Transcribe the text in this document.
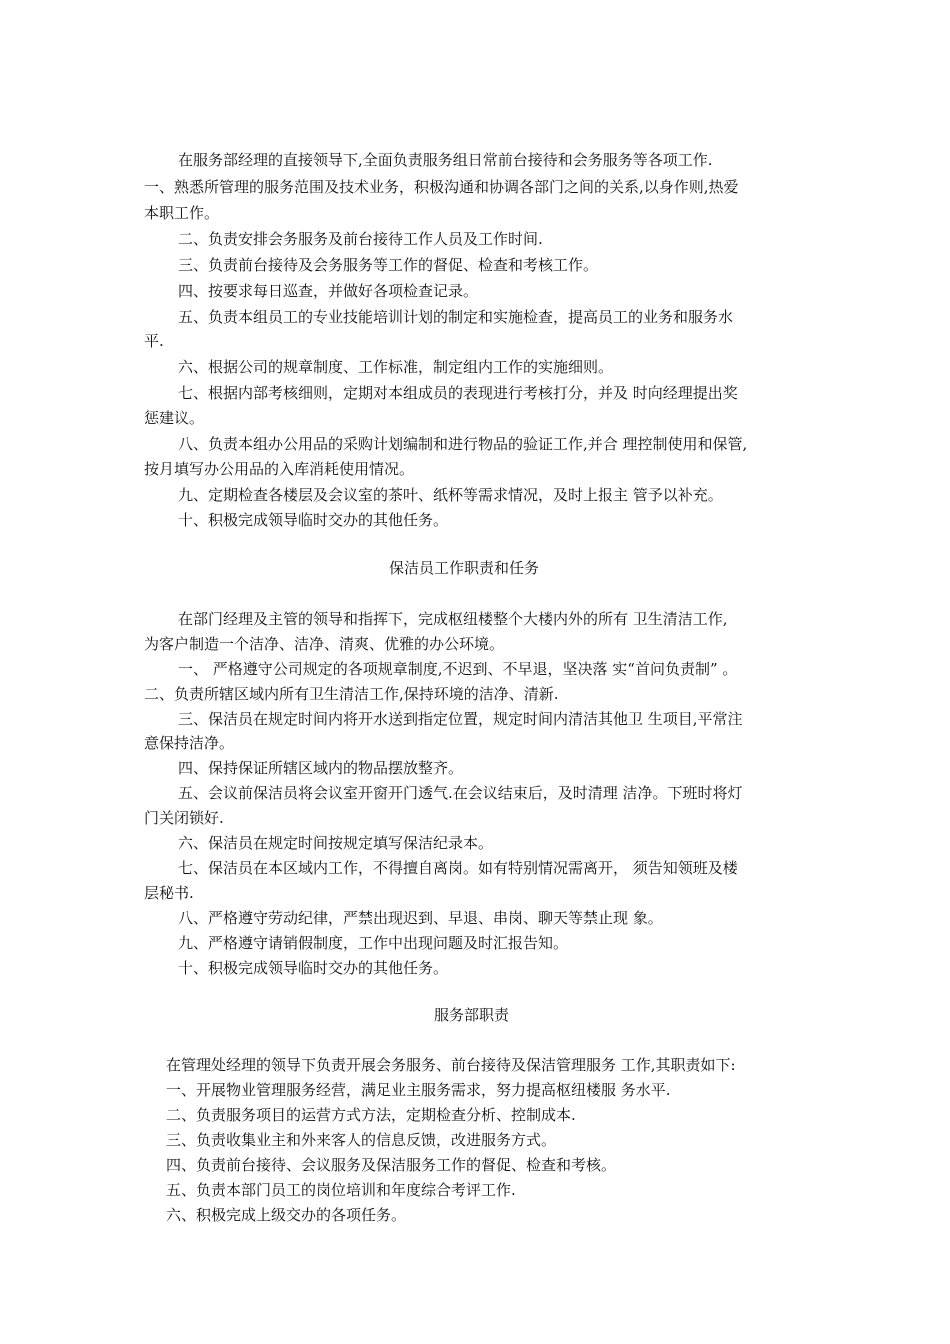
在服务部经理的直接领导下,全面负责服务组日常前台接待和会务服务等各项工作.
一、熟悉所管理的服务范围及技术业务，积极沟通和协调各部门之间的关系,以身作则,热爱
本职工作。
二、负责安排会务服务及前台接待工作人员及工作时间.
三、负责前台接待及会务服务等工作的督促、检查和考核工作。
四、按要求每日巡查，并做好各项检查记录。
五、负责本组员工的专业技能培训计划的制定和实施检查，提高员工的业务和服务水
平.
六、根据公司的规章制度、工作标准，制定组内工作的实施细则。
七、根据内部考核细则，定期对本组成员的表现进行考核打分，并及 时向经理提出奖
惩建议。
八、负责本组办公用品的采购计划编制和进行物品的验证工作,并合 理控制使用和保管,
按月填写办公用品的入库消耗使用情况。
九、定期检查各楼层及会议室的茶叶、纸杯等需求情况，及时上报主 管予以补充。
十、积极完成领导临时交办的其他任务。
保洁员工作职责和任务
在部门经理及主管的领导和指挥下，完成枢纽楼整个大楼内外的所有 卫生清洁工作,
为客户制造一个洁净、洁净、清爽、优雅的办公环境。
一、 严格遵守公司规定的各项规章制度,不迟到、不早退，坚决落 实“首问负责制” 。
二、负责所辖区域内所有卫生清洁工作,保持环境的洁净、清新.
三、保洁员在规定时间内将开水送到指定位置，规定时间内清洁其他卫 生项目,平常注
意保持洁净。
四、保持保证所辖区域内的物品摆放整齐。
五、会议前保洁员将会议室开窗开门透气.在会议结束后，及时清理 洁净。下班时将灯
门关闭锁好.
六、保洁员在规定时间按规定填写保洁纪录本。
七、保洁员在本区域内工作，不得擅自离岗。如有特别情况需离开， 须告知领班及楼
层秘书.
八、严格遵守劳动纪律，严禁出现迟到、早退、串岗、聊天等禁止现 象。
九、严格遵守请销假制度，工作中出现问题及时汇报告知。
十、积极完成领导临时交办的其他任务。
服务部职责
在管理处经理的领导下负责开展会务服务、前台接待及保洁管理服务 工作,其职责如下:
一、开展物业管理服务经营，满足业主服务需求，努力提高枢纽楼服 务水平.
二、负责服务项目的运营方式方法，定期检查分析、控制成本.
三、负责收集业主和外来客人的信息反馈，改进服务方式。
四、负责前台接待、会议服务及保洁服务工作的督促、检查和考核。
五、负责本部门员工的岗位培训和年度综合考评工作.
六、积极完成上级交办的各项任务。
